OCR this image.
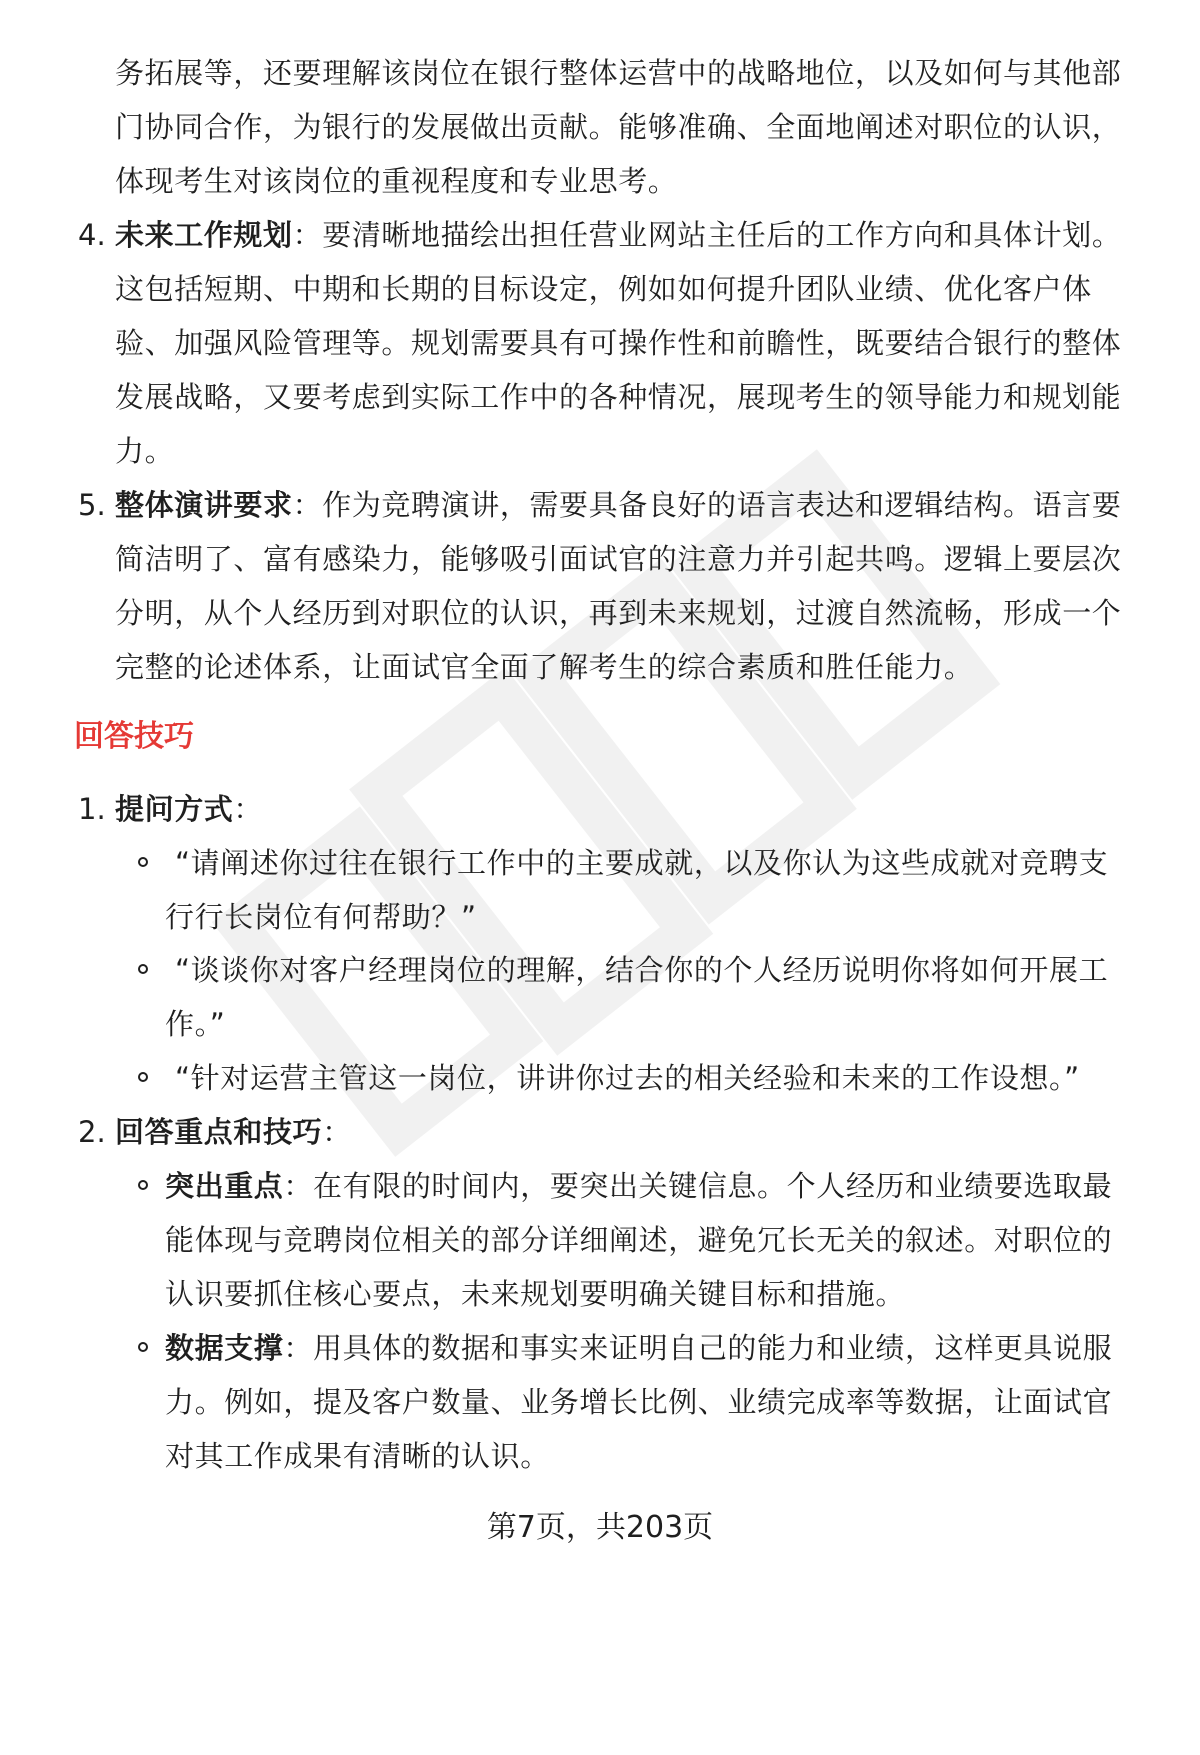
务拓展等，还要理解该岗位在银行整体运营中的战略地位，以及如何与其他部
门协同合作，为银行的发展做出贡献。能够准确、全面地阐述对职位的认识，
体现考生对该岗位的重视程度和专业思考。
4. 未来工作规划：要清晰地描绘出担任营业网站主任后的工作方向和具体计划。
这包括短期、中期和长期的目标设定，例如如何提升团队业绩、优化客户体
验、加强风险管理等。规划需要具有可操作性和前瞻性，既要结合银行的整体
发展战略，又要考虑到实际工作中的各种情况，展现考生的领导能力和规划能
力。
5. 整体演讲要求：作为竞聘演讲，需要具备良好的语言表达和逻辑结构。语言要
简洁明了、富有感染力，能够吸引面试官的注意力并引起共鸣。逻辑上要层次
分明，从个人经历到对职位的认识，再到未来规划，过渡自然流畅，形成一个
完整的论述体系，让面试官全面了解考生的综合素质和胜任能力。
回答技巧
1. 提问方式：
“请阐述你过往在银行工作中的主要成就，以及你认为这些成就对竞聘支
行行长岗位有何帮助？”
“谈谈你对客户经理岗位的理解，结合你的个人经历说明你将如何开展工
作。”
“针对运营主管这一岗位，讲讲你过去的相关经验和未来的工作设想。”
2. 回答重点和技巧：
突出重点：在有限的时间内，要突出关键信息。个人经历和业绩要选取最
能体现与竞聘岗位相关的部分详细阐述，避免冗长无关的叙述。对职位的
认识要抓住核心要点，未来规划要明确关键目标和措施。
数据支撑：用具体的数据和事实来证明自己的能力和业绩，这样更具说服
力。例如，提及客户数量、业务增长比例、业绩完成率等数据，让面试官
对其工作成果有清晰的认识。
第7页，共203页
